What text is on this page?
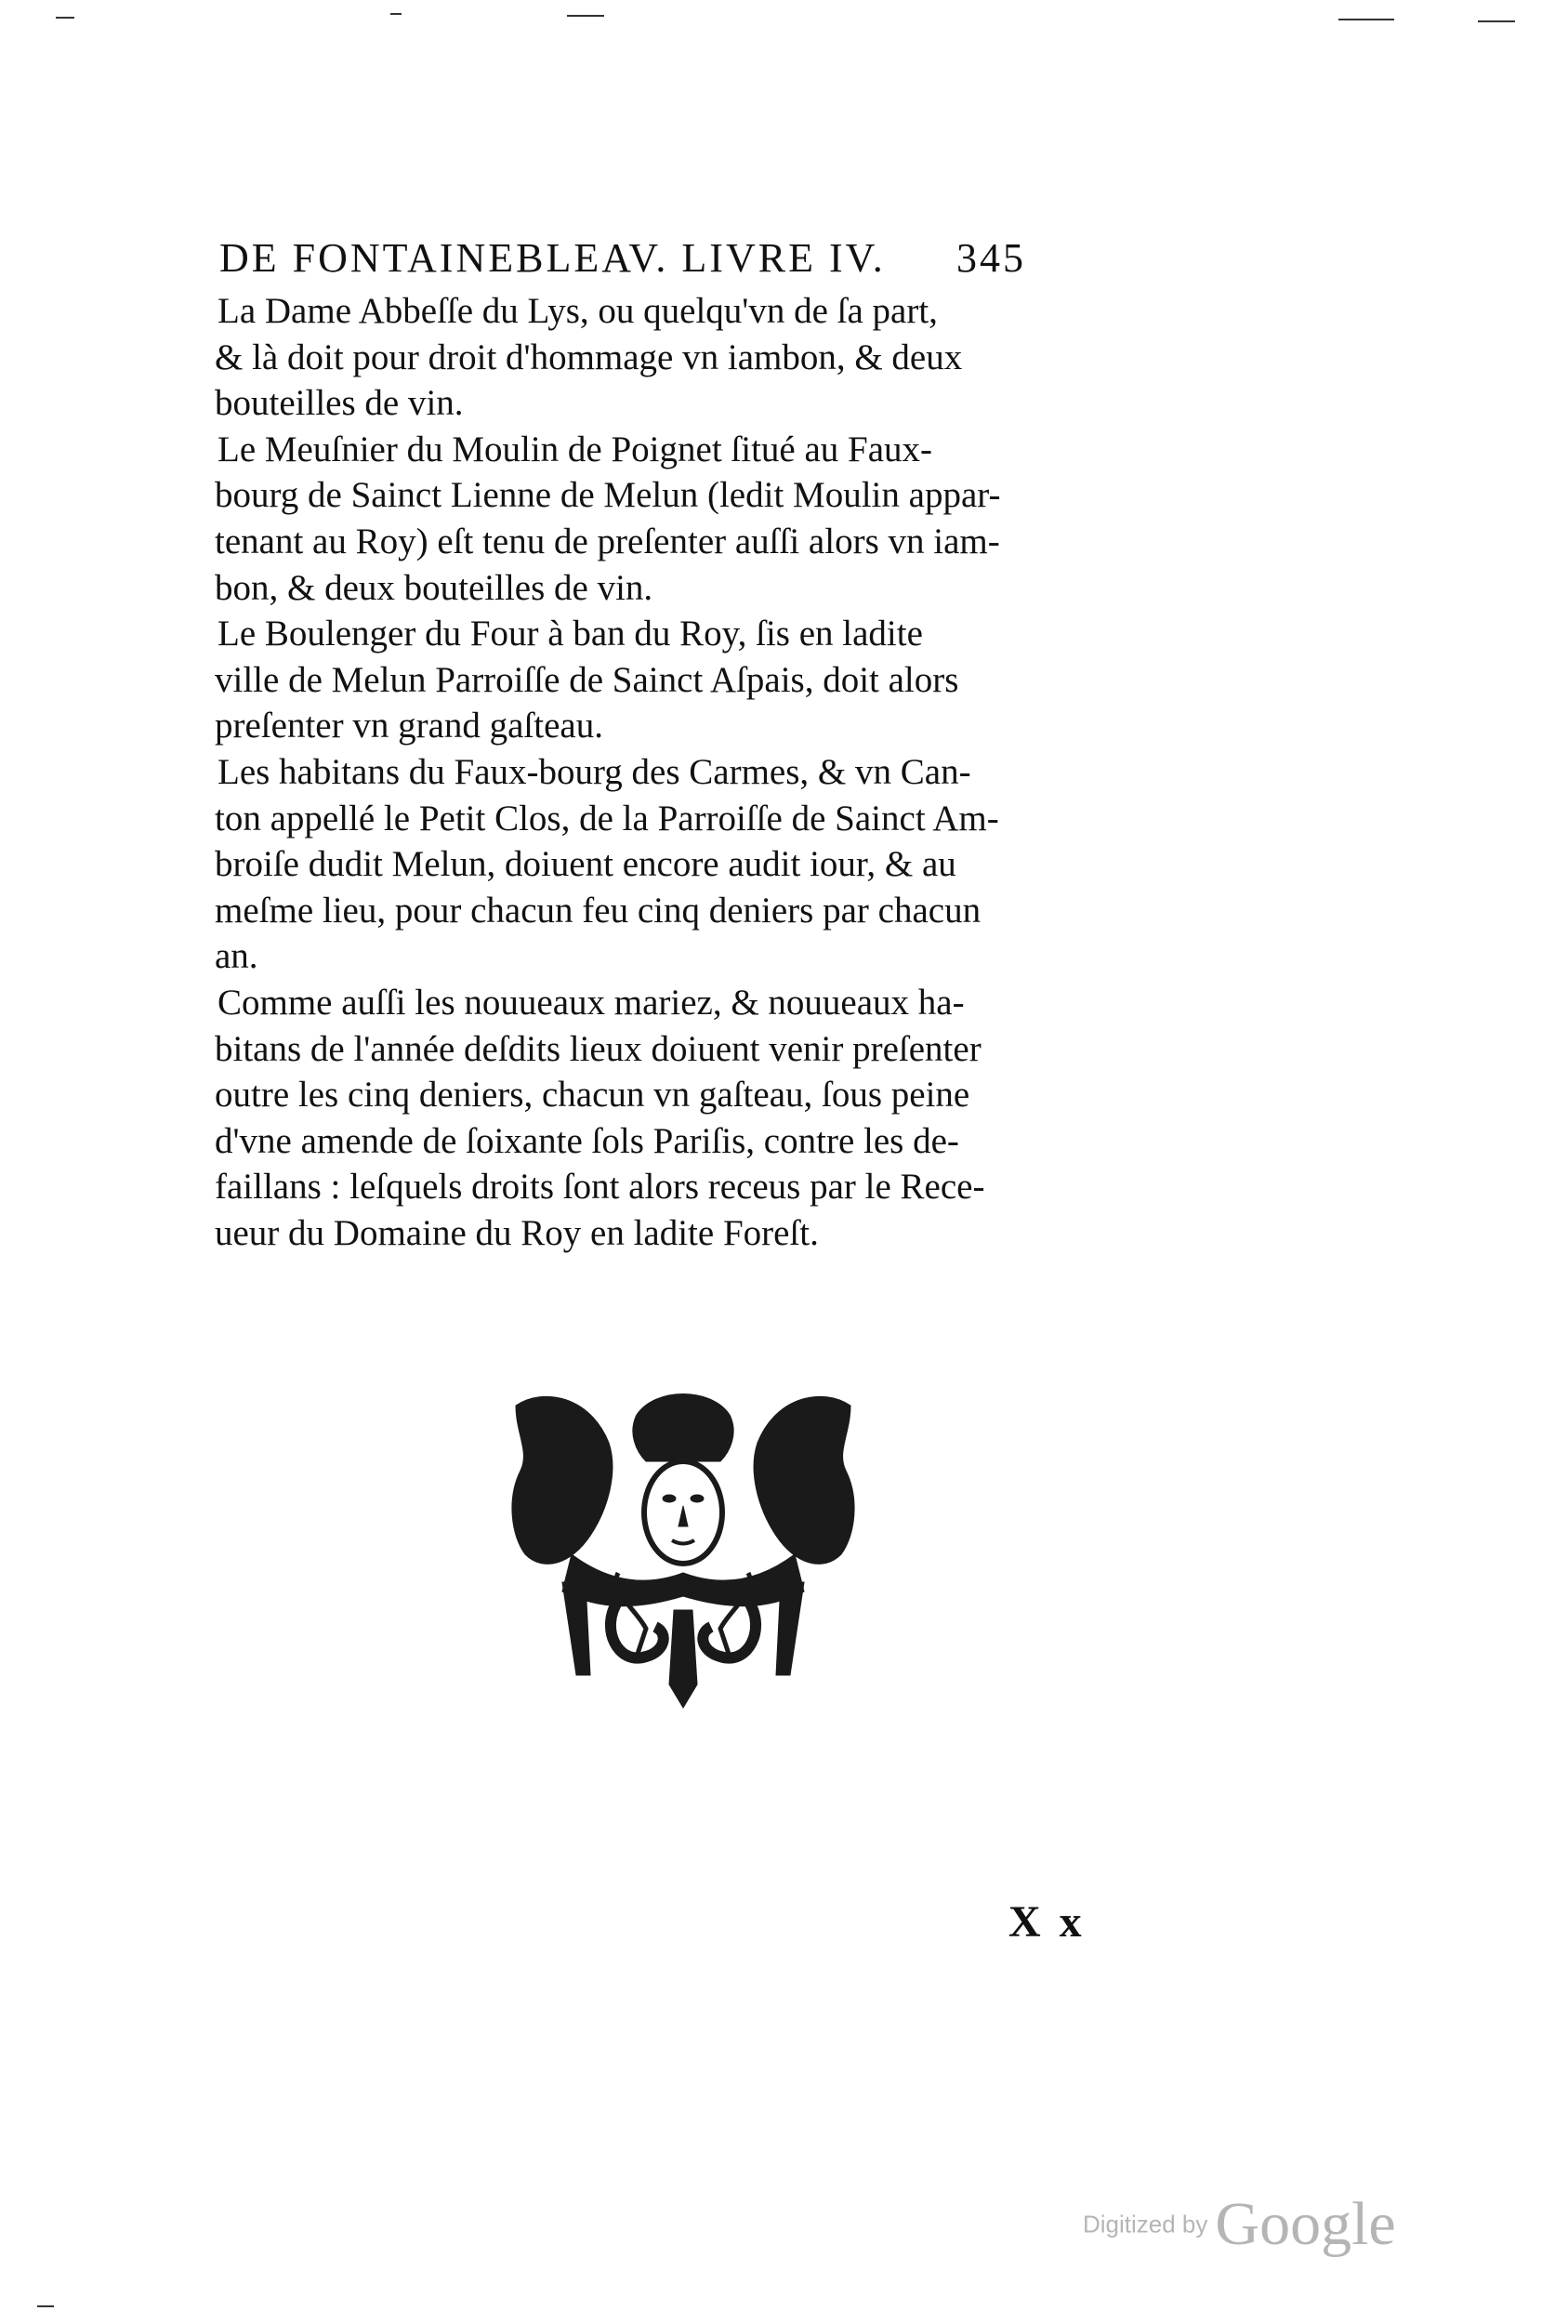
DE FONTAINEBLEAV. LIVRE IV. 345
La Dame Abbeſſe du Lys, ou quelqu'vn de ſa part,
& là doit pour droit d'hommage vn iambon, & deux
bouteilles de vin.
Le Meuſnier du Moulin de Poignet ſitué au Faux-
bourg de Sainct Lienne de Melun (ledit Moulin appar-
tenant au Roy) eſt tenu de preſenter auſſi alors vn iam-
bon, & deux bouteilles de vin.
Le Boulenger du Four à ban du Roy, ſis en ladite
ville de Melun Parroiſſe de Sainct Aſpais, doit alors
preſenter vn grand gaſteau.
Les habitans du Faux-bourg des Carmes, & vn Can-
ton appellé le Petit Clos, de la Parroiſſe de Sainct Am-
broiſe dudit Melun, doiuent encore audit iour, & au
meſme lieu, pour chacun feu cinq deniers par chacun
an.
Comme auſſi les nouueaux mariez, & nouueaux ha-
bitans de l'année deſdits lieux doiuent venir preſenter
outre les cinq deniers, chacun vn gaſteau, ſous peine
d'vne amende de ſoixante ſols Pariſis, contre les de-
faillans : leſquels droits ſont alors receus par le Rece-
ueur du Domaine du Roy en ladite Foreſt.
X x
Digitized by Google
